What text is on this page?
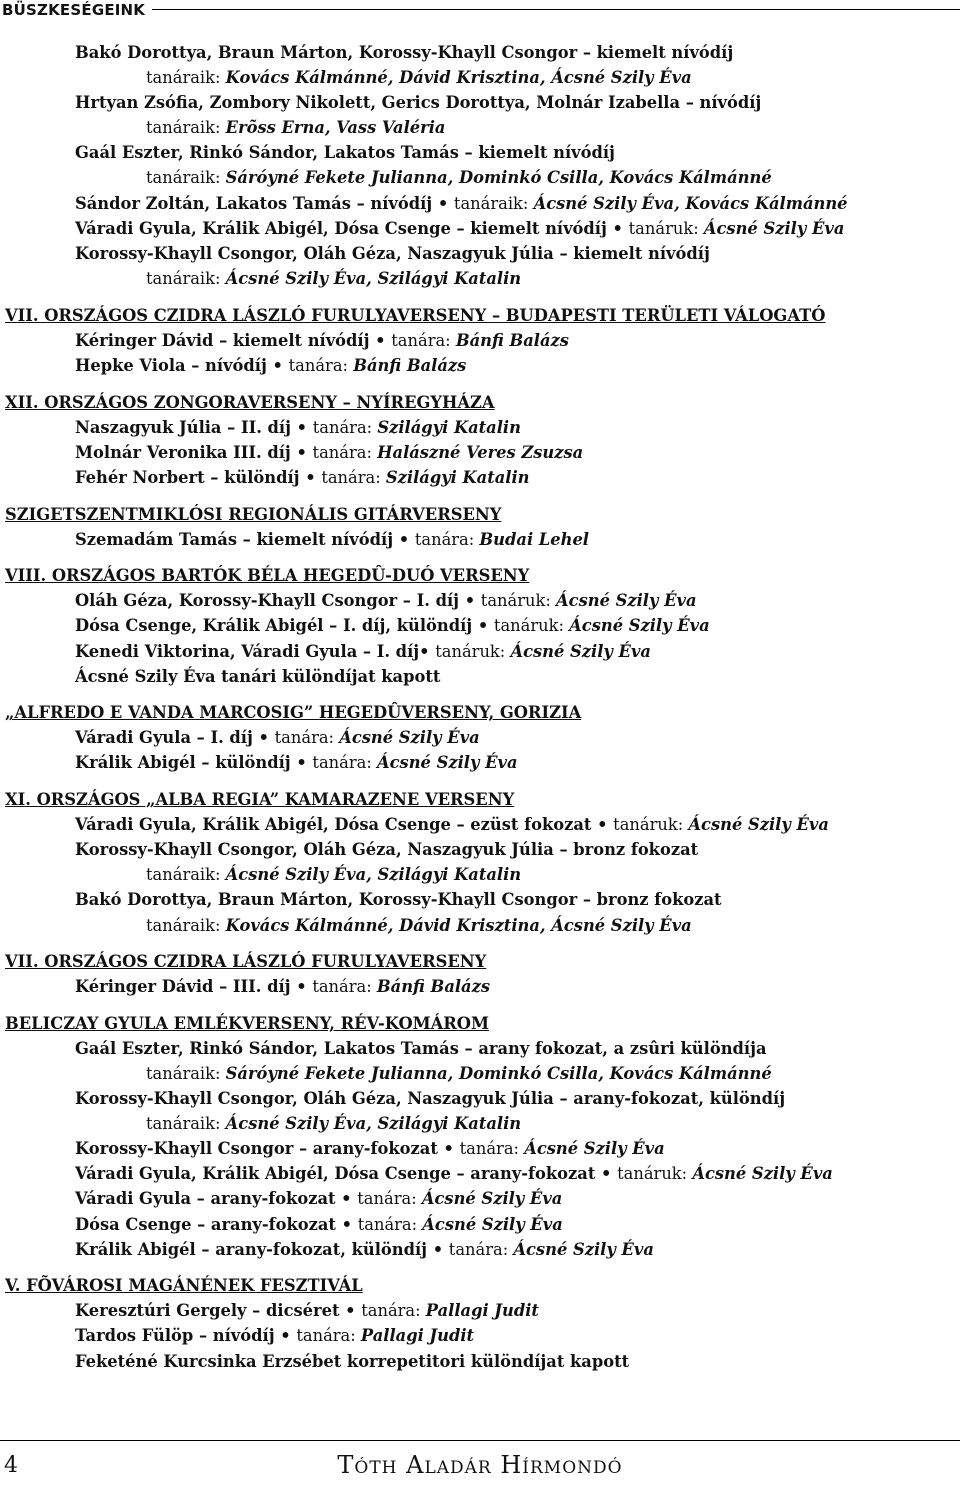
BÜSZKESÉGEINK
Bakó Dorottya, Braun Márton, Korossy-Khayll Csongor – kiemelt nívódíj
tanáraik: Kovács Kálmánné, Dávid Krisztina, Ácsné Szily Éva
Hrtyan Zsófia, Zombory Nikolett, Gerics Dorottya, Molnár Izabella – nívódíj
tanáraik: Erõss Erna, Vass Valéria
Gaál Eszter, Rinkó Sándor, Lakatos Tamás – kiemelt nívódíj
tanáraik: Sáróyné Fekete Julianna, Dominkó Csilla, Kovács Kálmánné
Sándor Zoltán, Lakatos Tamás – nívódíj • tanáraik: Ácsné Szily Éva, Kovács Kálmánné
Váradi Gyula, Králik Abigél, Dósa Csenge – kiemelt nívódíj • tanáruk: Ácsné Szily Éva
Korossy-Khayll Csongor, Oláh Géza, Naszagyuk Júlia – kiemelt nívódíj
tanáraik: Ácsné Szily Éva, Szilágyi Katalin
VII. ORSZÁGOS CZIDRA LÁSZLÓ FURULYAVERSENY – BUDAPESTI TERÜLETI VÁLOGATÓ
Kéringer Dávid – kiemelt nívódíj • tanára: Bánfi Balázs
Hepke Viola – nívódíj • tanára: Bánfi Balázs
XII. ORSZÁGOS ZONGORAVERSENY – NYÍREGYHÁZA
Naszagyuk Júlia – II. díj • tanára: Szilágyi Katalin
Molnár Veronika III. díj • tanára: Halászné Veres Zsuzsa
Fehér Norbert – különdíj • tanára: Szilágyi Katalin
SZIGETSZENTMIKLÓSI REGIONÁLIS GITÁRVERSENY
Szemadám Tamás – kiemelt nívódíj • tanára: Budai Lehel
VIII. ORSZÁGOS BARTÓK BÉLA HEGEDÛ-DUÓ VERSENY
Oláh Géza, Korossy-Khayll Csongor – I. díj • tanáruk: Ácsné Szily Éva
Dósa Csenge, Králik Abigél – I. díj, különdíj • tanáruk: Ácsné Szily Éva
Kenedi Viktorina, Váradi Gyula – I. díj• tanáruk: Ácsné Szily Éva
Ácsné Szily Éva tanári különdíjat kapott
„ALFREDO E VANDA MARCOSIG” HEGEDÛVERSENY, GORIZIA
Váradi Gyula – I. díj • tanára: Ácsné Szily Éva
Králik Abigél – különdíj • tanára: Ácsné Szily Éva
XI. ORSZÁGOS „ALBA REGIA” KAMARAZENE VERSENY
Váradi Gyula, Králik Abigél, Dósa Csenge – ezüst fokozat • tanáruk: Ácsné Szily Éva
Korossy-Khayll Csongor, Oláh Géza, Naszagyuk Júlia – bronz fokozat
tanáraik: Ácsné Szily Éva, Szilágyi Katalin
Bakó Dorottya, Braun Márton, Korossy-Khayll Csongor – bronz fokozat
tanáraik: Kovács Kálmánné, Dávid Krisztina, Ácsné Szily Éva
VII. ORSZÁGOS CZIDRA LÁSZLÓ FURULYAVERSENY
Kéringer Dávid – III. díj • tanára: Bánfi Balázs
BELICZAY GYULA EMLÉKVERSENY, RÉV-KOMÁROM
Gaál Eszter, Rinkó Sándor, Lakatos Tamás – arany fokozat, a zsûri különdíja
tanáraik: Sáróyné Fekete Julianna, Dominkó Csilla, Kovács Kálmánné
Korossy-Khayll Csongor, Oláh Géza, Naszagyuk Júlia – arany-fokozat, különdíj
tanáraik: Ácsné Szily Éva, Szilágyi Katalin
Korossy-Khayll Csongor – arany-fokozat • tanára: Ácsné Szily Éva
Váradi Gyula, Králik Abigél, Dósa Csenge – arany-fokozat • tanáruk: Ácsné Szily Éva
Váradi Gyula – arany-fokozat • tanára: Ácsné Szily Éva
Dósa Csenge – arany-fokozat • tanára: Ácsné Szily Éva
Králik Abigél – arany-fokozat, különdíj • tanára: Ácsné Szily Éva
V. FÕVÁROSI MAGÁNÉNEK FESZTIVÁL
Keresztúri Gergely – dicséret • tanára: Pallagi Judit
Tardos Fülöp – nívódíj • tanára: Pallagi Judit
Feketéné Kurcsinka Erzsébet korrepetitori különdíjat kapott
4	Tóth Aladár Hírmondó
